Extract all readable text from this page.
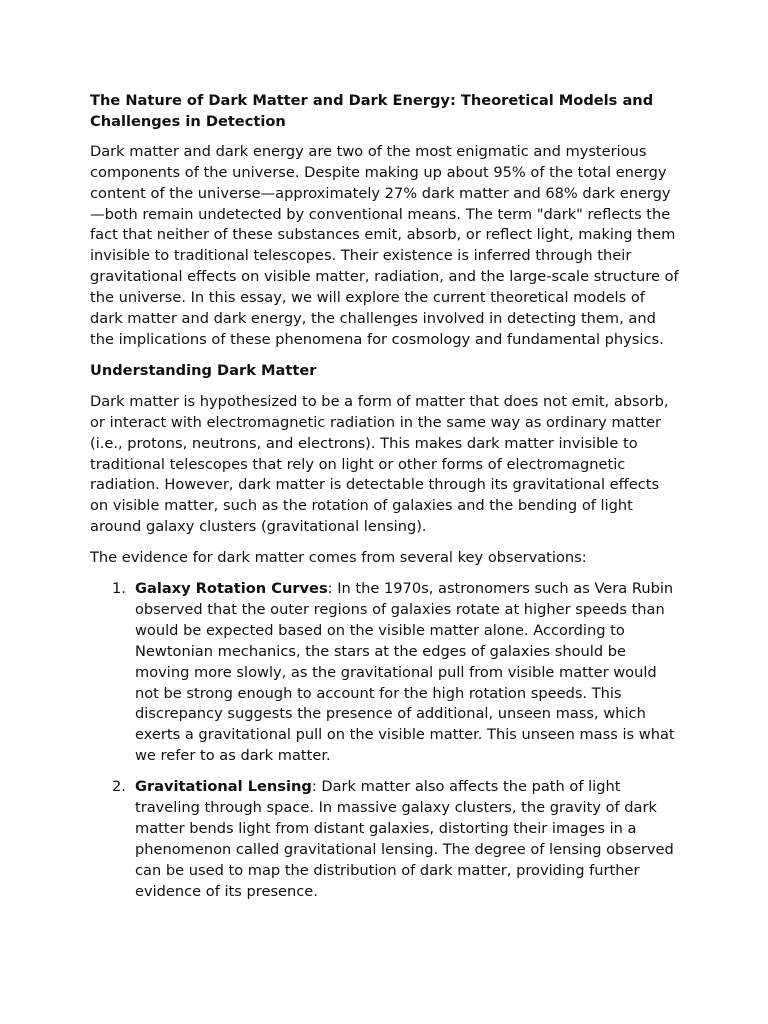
The Nature of Dark Matter and Dark Energy: Theoretical Models and Challenges in Detection

Dark matter and dark energy are two of the most enigmatic and mysterious components of the universe. Despite making up about 95% of the total energy content of the universe—approximately 27% dark matter and 68% dark energy—both remain undetected by conventional means. The term "dark" reflects the fact that neither of these substances emit, absorb, or reflect light, making them invisible to traditional telescopes. Their existence is inferred through their gravitational effects on visible matter, radiation, and the large-scale structure of the universe. In this essay, we will explore the current theoretical models of dark matter and dark energy, the challenges involved in detecting them, and the implications of these phenomena for cosmology and fundamental physics.

Understanding Dark Matter

Dark matter is hypothesized to be a form of matter that does not emit, absorb, or interact with electromagnetic radiation in the same way as ordinary matter (i.e., protons, neutrons, and electrons). This makes dark matter invisible to traditional telescopes that rely on light or other forms of electromagnetic radiation. However, dark matter is detectable through its gravitational effects on visible matter, such as the rotation of galaxies and the bending of light around galaxy clusters (gravitational lensing).

The evidence for dark matter comes from several key observations:

1. Galaxy Rotation Curves: In the 1970s, astronomers such as Vera Rubin observed that the outer regions of galaxies rotate at higher speeds than would be expected based on the visible matter alone. According to Newtonian mechanics, the stars at the edges of galaxies should be moving more slowly, as the gravitational pull from visible matter would not be strong enough to account for the high rotation speeds. This discrepancy suggests the presence of additional, unseen mass, which exerts a gravitational pull on the visible matter. This unseen mass is what we refer to as dark matter.
2. Gravitational Lensing: Dark matter also affects the path of light traveling through space. In massive galaxy clusters, the gravity of dark matter bends light from distant galaxies, distorting their images in a phenomenon called gravitational lensing. The degree of lensing observed can be used to map the distribution of dark matter, providing further evidence of its presence.
